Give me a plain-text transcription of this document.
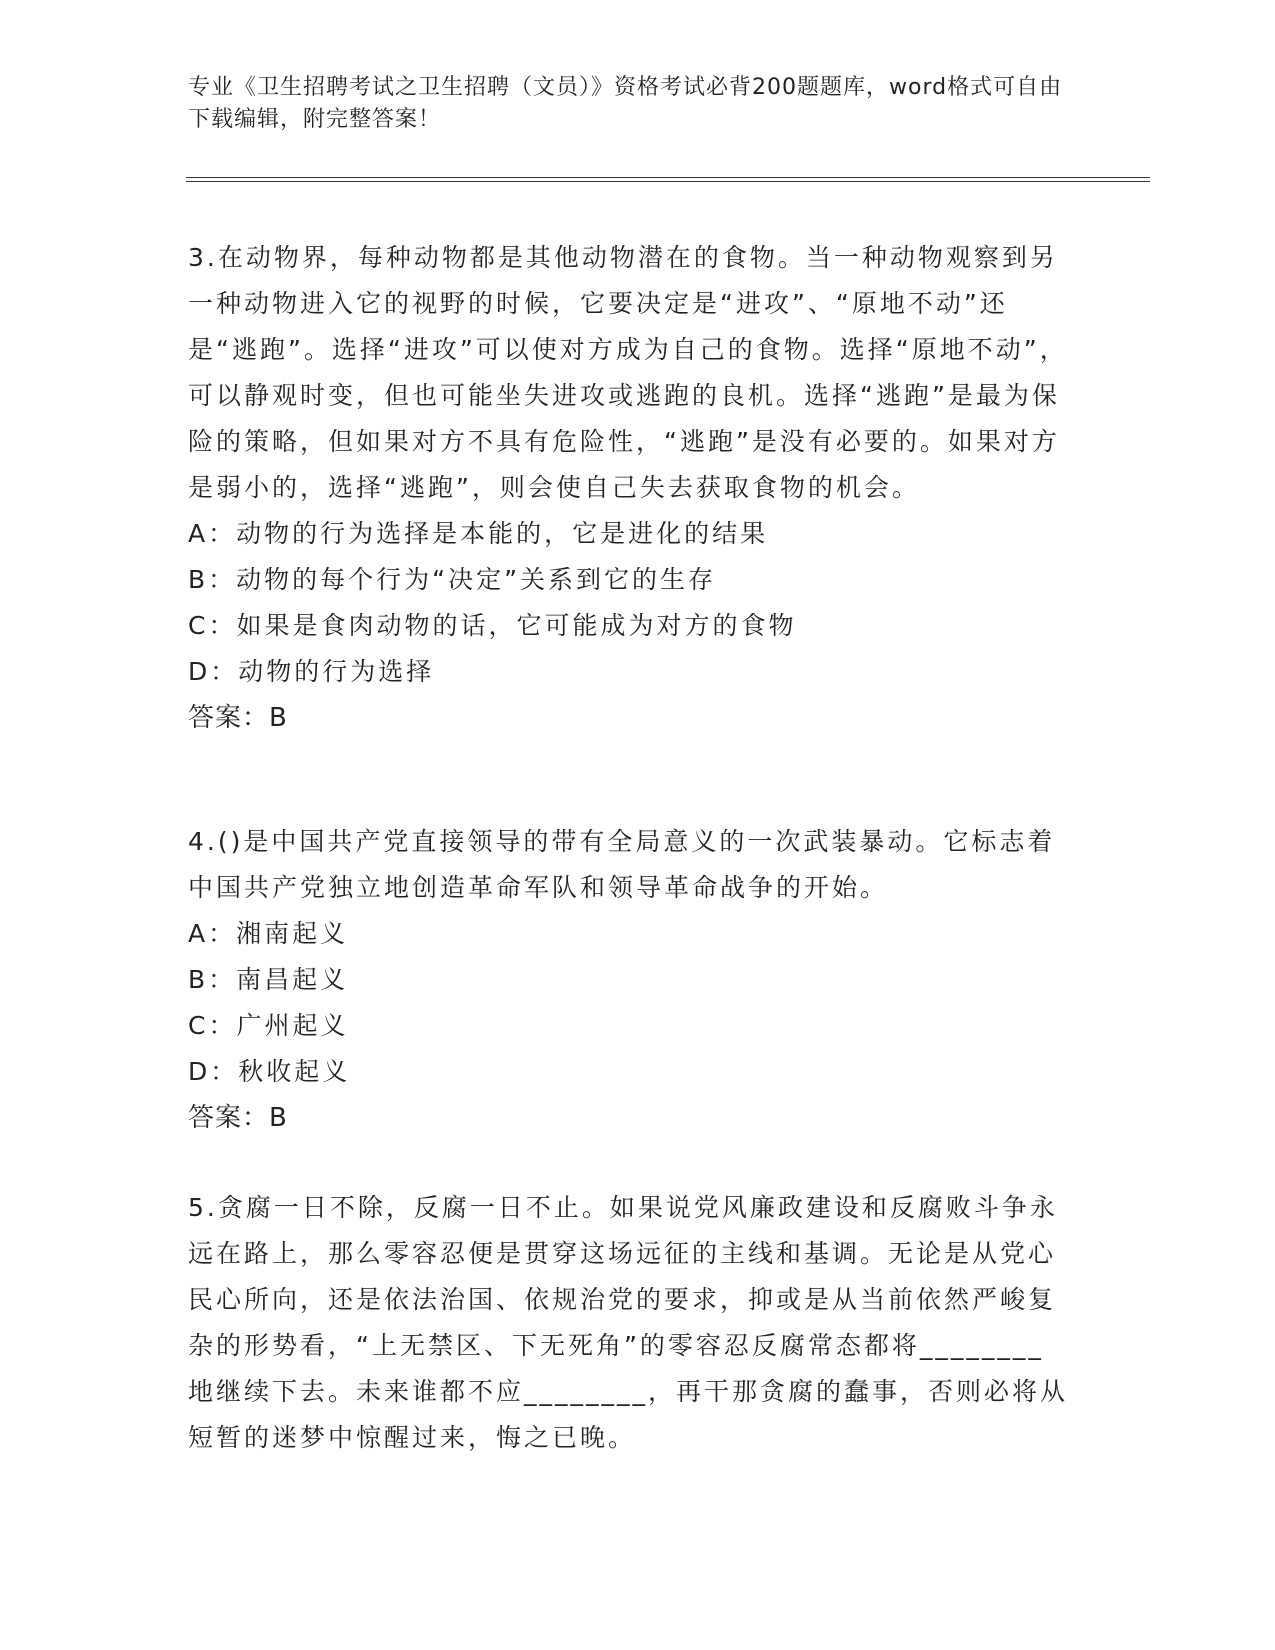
专业《卫生招聘考试之卫生招聘（文员）》资格考试必背200题题库，word格式可自由下载编辑，附完整答案！

3.在动物界，每种动物都是其他动物潜在的食物。当一种动物观察到另一种动物进入它的视野的时候，它要决定是“进攻”、“原地不动”还是“逃跑”。选择“进攻”可以使对方成为自己的食物。选择“原地不动”，可以静观时变，但也可能坐失进攻或逃跑的良机。选择“逃跑”是最为保险的策略，但如果对方不具有危险性，“逃跑”是没有必要的。如果对方是弱小的，选择“逃跑”，则会使自己失去获取食物的机会。

A：动物的行为选择是本能的，它是进化的结果

B：动物的每个行为“决定”关系到它的生存

C：如果是食肉动物的话，它可能成为对方的食物

D：动物的行为选择

答案：B

4.()是中国共产党直接领导的带有全局意义的一次武装暴动。它标志着中国共产党独立地创造革命军队和领导革命战争的开始。

A：湘南起义

B：南昌起义

C：广州起义

D：秋收起义

答案：B

5.贪腐一日不除，反腐一日不止。如果说党风廉政建设和反腐败斗争永远在路上，那么零容忍便是贯穿这场远征的主线和基调。无论是从党心民心所向，还是依法治国、依规治党的要求，抑或是从当前依然严峻复杂的形势看，“上无禁区、下无死角”的零容忍反腐常态都将________地继续下去。未来谁都不应________，再干那贪腐的蠢事，否则必将从短暂的迷梦中惊醒过来，悔之已晚。
